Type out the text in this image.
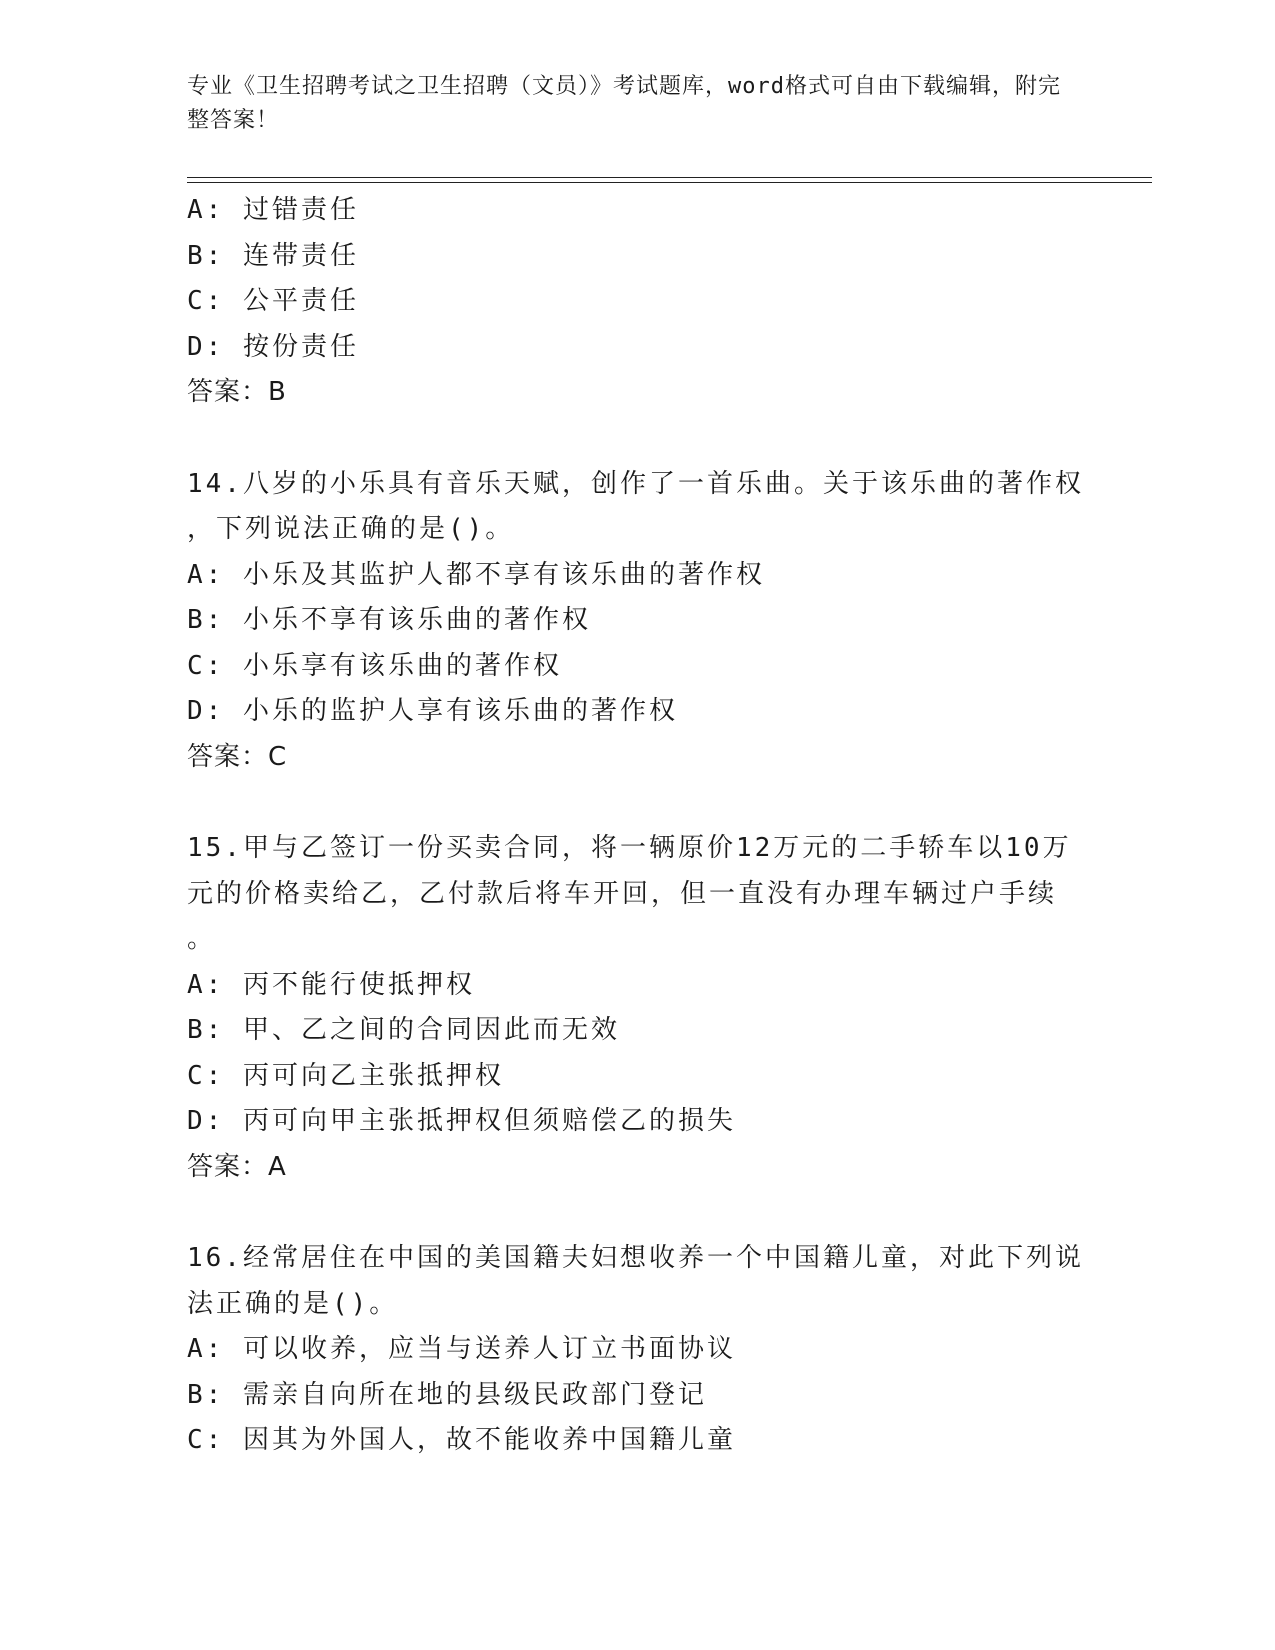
专业《卫生招聘考试之卫生招聘（文员）》考试题库，word格式可自由下载编辑，附完整答案！
A: 过错责任
B: 连带责任
C: 公平责任
D: 按份责任
答案：B
14.八岁的小乐具有音乐天赋，创作了一首乐曲。关于该乐曲的著作权
，下列说法正确的是()。
A: 小乐及其监护人都不享有该乐曲的著作权
B: 小乐不享有该乐曲的著作权
C: 小乐享有该乐曲的著作权
D: 小乐的监护人享有该乐曲的著作权
答案：C
15.甲与乙签订一份买卖合同，将一辆原价12万元的二手轿车以10万
元的价格卖给乙，乙付款后将车开回，但一直没有办理车辆过户手续
。
A: 丙不能行使抵押权
B: 甲、乙之间的合同因此而无效
C: 丙可向乙主张抵押权
D: 丙可向甲主张抵押权但须赔偿乙的损失
答案：A
16.经常居住在中国的美国籍夫妇想收养一个中国籍儿童，对此下列说
法正确的是()。
A: 可以收养，应当与送养人订立书面协议
B: 需亲自向所在地的县级民政部门登记
C: 因其为外国人，故不能收养中国籍儿童
